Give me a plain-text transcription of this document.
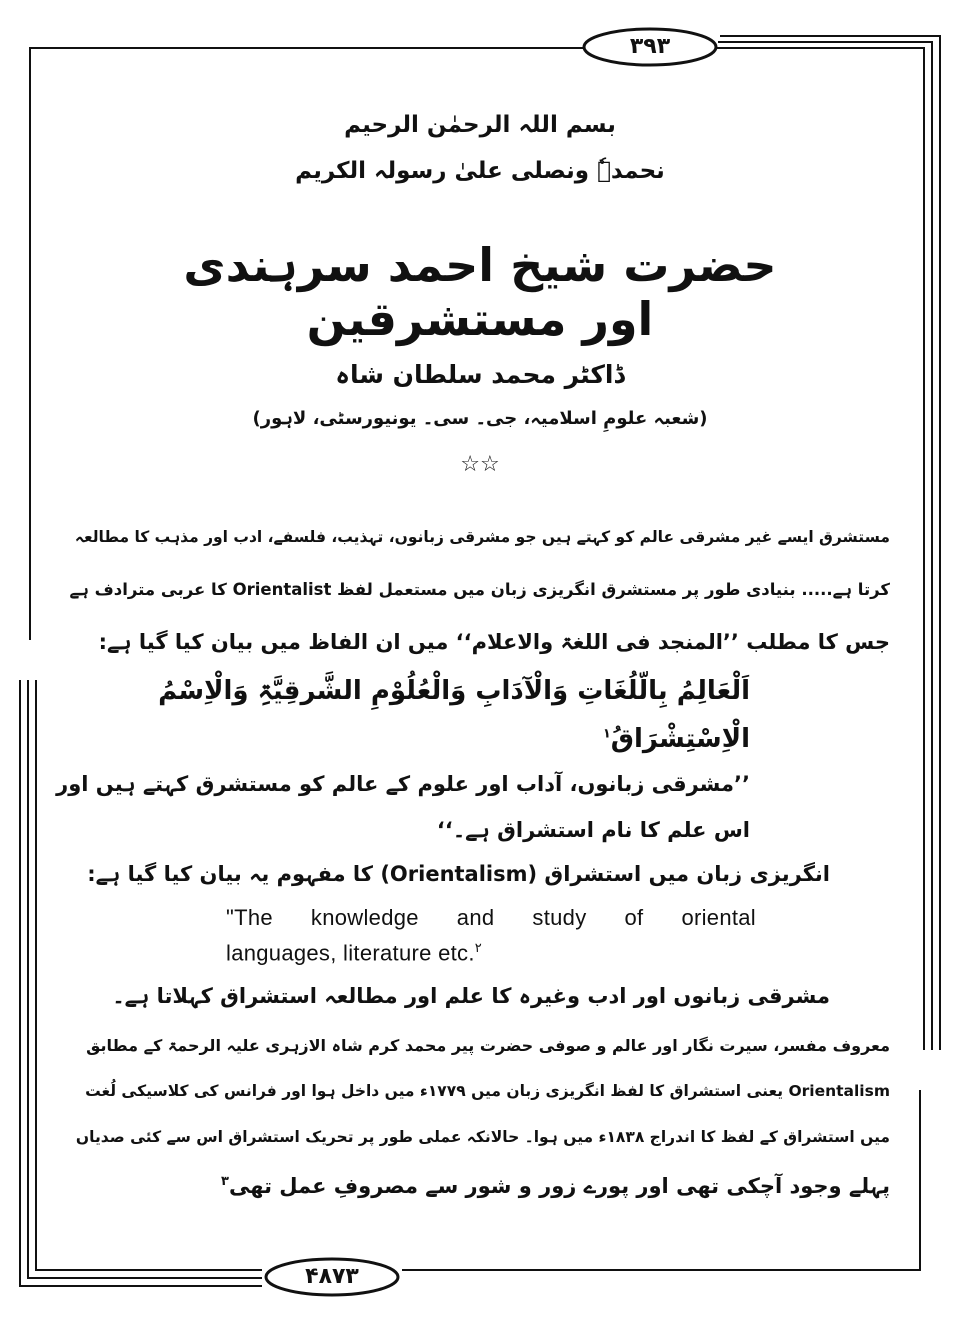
۳۹۳
۴۸۷۳
بسم اللہ الرحمٰن الرحیم
نحمدہٗ ونصلی علیٰ رسولہ الکریم
حضرت شیخ احمد سرہندی اور مستشرقین
ڈاکٹر محمد سلطان شاہ
(شعبہ علومِ اسلامیہ، جی۔ سی۔ یونیورسٹی، لاہور)
☆☆
مستشرق ایسے غیر مشرقی عالم کو کہتے ہیں جو مشرقی زبانوں، تہذیب، فلسفے، ادب اور مذہب کا مطالعہ
کرتا ہے..... بنیادی طور پر مستشرق انگریزی زبان میں مستعمل لفظ Orientalist کا عربی مترادف ہے
جس کا مطلب ’’المنجد فی اللغۃ والاعلام‘‘ میں ان الفاظ میں بیان کیا گیا ہے:
اَلْعَالِمُ بِالّلُغَاتِ وَالْآدَابِ وَالْعُلُوْمِ الشَّرقِیَّۃِ وَالْاِسْمُ
الْاِسْتِشْرَاقُ$^۱$
’’مشرقی زبانوں، آداب اور علوم کے عالم کو مستشرق کہتے ہیں اور
اس علم کا نام استشراق ہے۔‘‘
انگریزی زبان میں استشراق (Orientalism) کا مفہوم یہ بیان کیا گیا ہے:
"The knowledge and study of oriental
languages, literature etc.$^۲$
مشرقی زبانوں اور ادب وغیرہ کا علم اور مطالعہ استشراق کہلاتا ہے۔
معروف مفسر، سیرت نگار اور عالم و صوفی حضرت پیر محمد کرم شاہ الازہری علیہ الرحمۃ کے مطابق
Orientalism یعنی استشراق کا لفظ انگریزی زبان میں ۱۷۷۹ء میں داخل ہوا اور فرانس کی کلاسیکی لُغت
میں استشراق کے لفظ کا اندراج ۱۸۳۸ء میں ہوا۔ حالانکہ عملی طور پر تحریک استشراق اس سے کئی صدیاں
پہلے وجود آچکی تھی اور پورے زور و شور سے مصروفِ عمل تھی$^۳$
